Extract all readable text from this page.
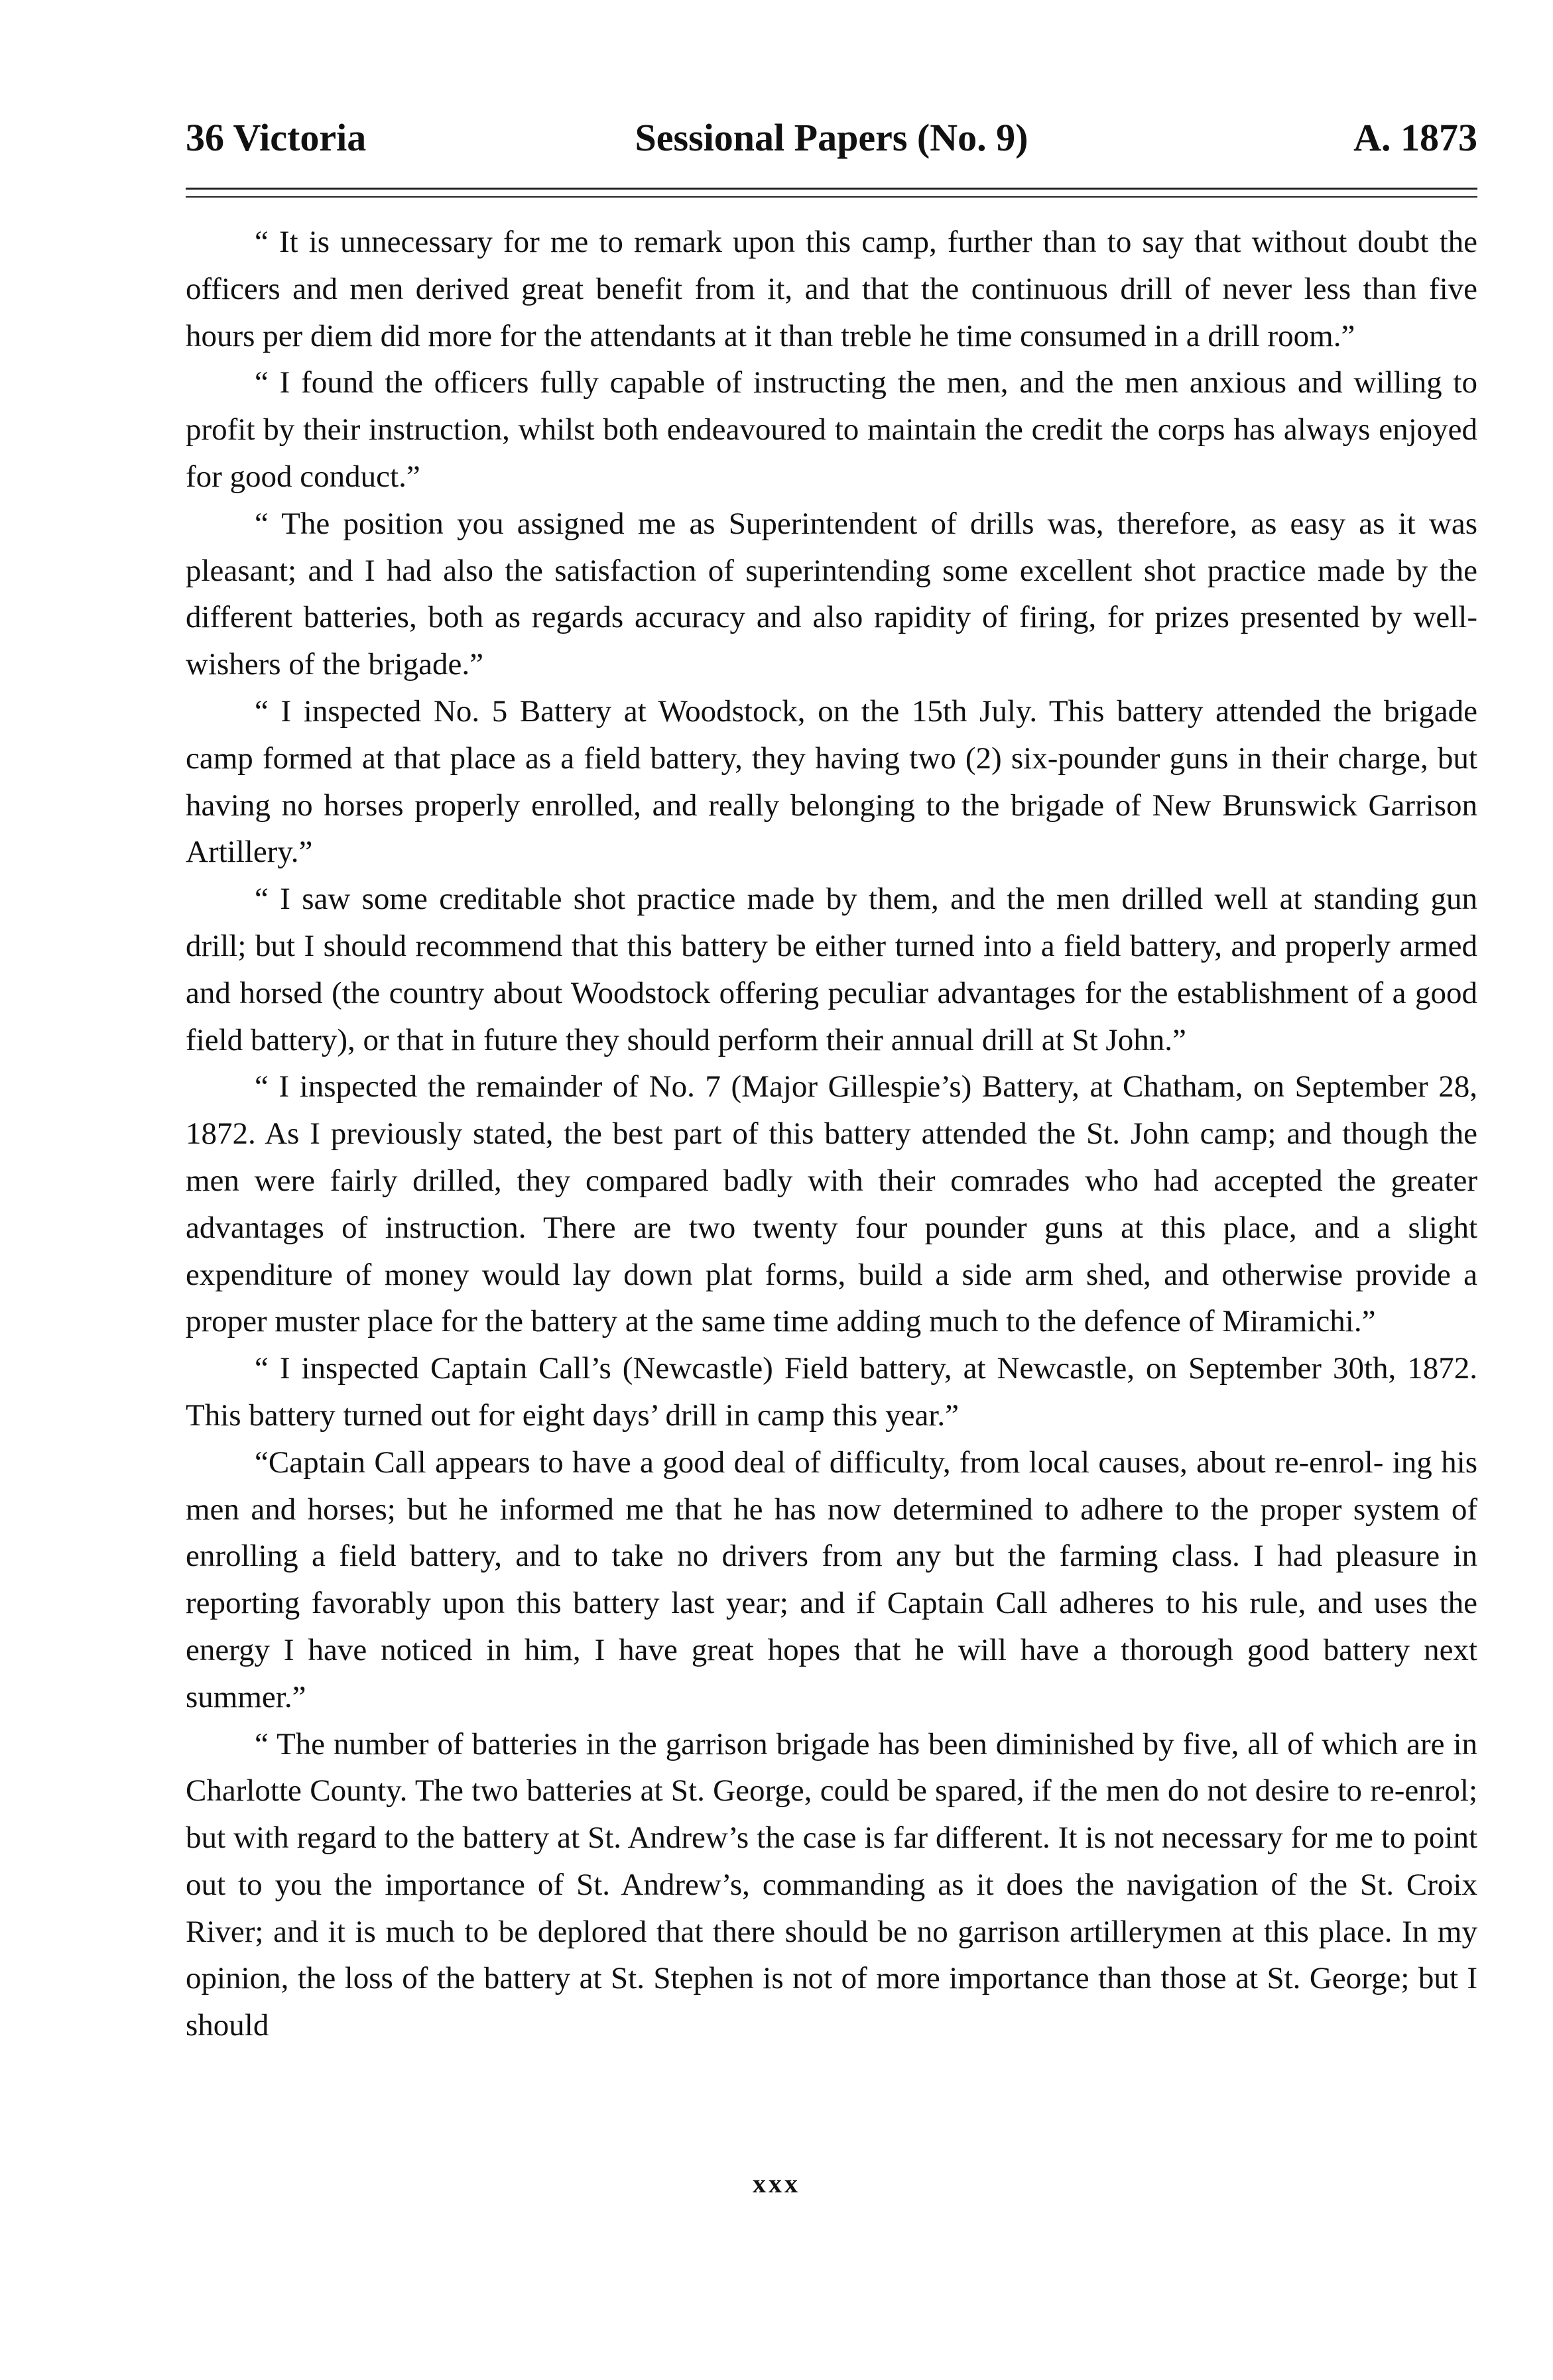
36 Victoria	Sessional Papers (No. 9)	A. 1873

“ It is unnecessary for me to remark upon this camp, further than to say that without doubt the officers and men derived great benefit from it, and that the continuous drill of never less than five hours per diem did more for the attendants at it than treble he time consumed in a drill room.”

“ I found the officers fully capable of instructing the men, and the men anxious and willing to profit by their instruction, whilst both endeavoured to maintain the credit the corps has always enjoyed for good conduct.”

“ The position you assigned me as Superintendent of drills was, therefore, as easy as it was pleasant; and I had also the satisfaction of superintending some excellent shot practice made by the different batteries, both as regards accuracy and also rapidity of firing, for prizes presented by well-wishers of the brigade.”

“ I inspected No. 5 Battery at Woodstock, on the 15th July. This battery attended the brigade camp formed at that place as a field battery, they having two (2) six-pounder guns in their charge, but having no horses properly enrolled, and really belonging to the brigade of New Brunswick Garrison Artillery.”

“ I saw some creditable shot practice made by them, and the men drilled well at standing gun drill; but I should recommend that this battery be either turned into a field battery, and properly armed and horsed (the country about Woodstock offering peculiar advantages for the establishment of a good field battery), or that in future they should perform their annual drill at St John.”

“ I inspected the remainder of No. 7 (Major Gillespie’s) Battery, at Chatham, on September 28, 1872. As I previously stated, the best part of this battery attended the St. John camp; and though the men were fairly drilled, they compared badly with their comrades who had accepted the greater advantages of instruction. There are two twenty four pounder guns at this place, and a slight expenditure of money would lay down plat forms, build a side arm shed, and otherwise provide a proper muster place for the battery at the same time adding much to the defence of Miramichi.”

“ I inspected Captain Call’s (Newcastle) Field battery, at Newcastle, on September 30th, 1872. This battery turned out for eight days’ drill in camp this year.”

“Captain Call appears to have a good deal of difficulty, from local causes, about re-enrol- ing his men and horses; but he informed me that he has now determined to adhere to the proper system of enrolling a field battery, and to take no drivers from any but the farming class. I had pleasure in reporting favorably upon this battery last year; and if Captain Call adheres to his rule, and uses the energy I have noticed in him, I have great hopes that he will have a thorough good battery next summer.”

“ The number of batteries in the garrison brigade has been diminished by five, all of which are in Charlotte County. The two batteries at St. George, could be spared, if the men do not desire to re-enrol; but with regard to the battery at St. Andrew’s the case is far different. It is not necessary for me to point out to you the importance of St. Andrew’s, commanding as it does the navigation of the St. Croix River; and it is much to be deplored that there should be no garrison artillerymen at this place. In my opinion, the loss of the battery at St. Stephen is not of more importance than those at St. George; but I should

xxx
